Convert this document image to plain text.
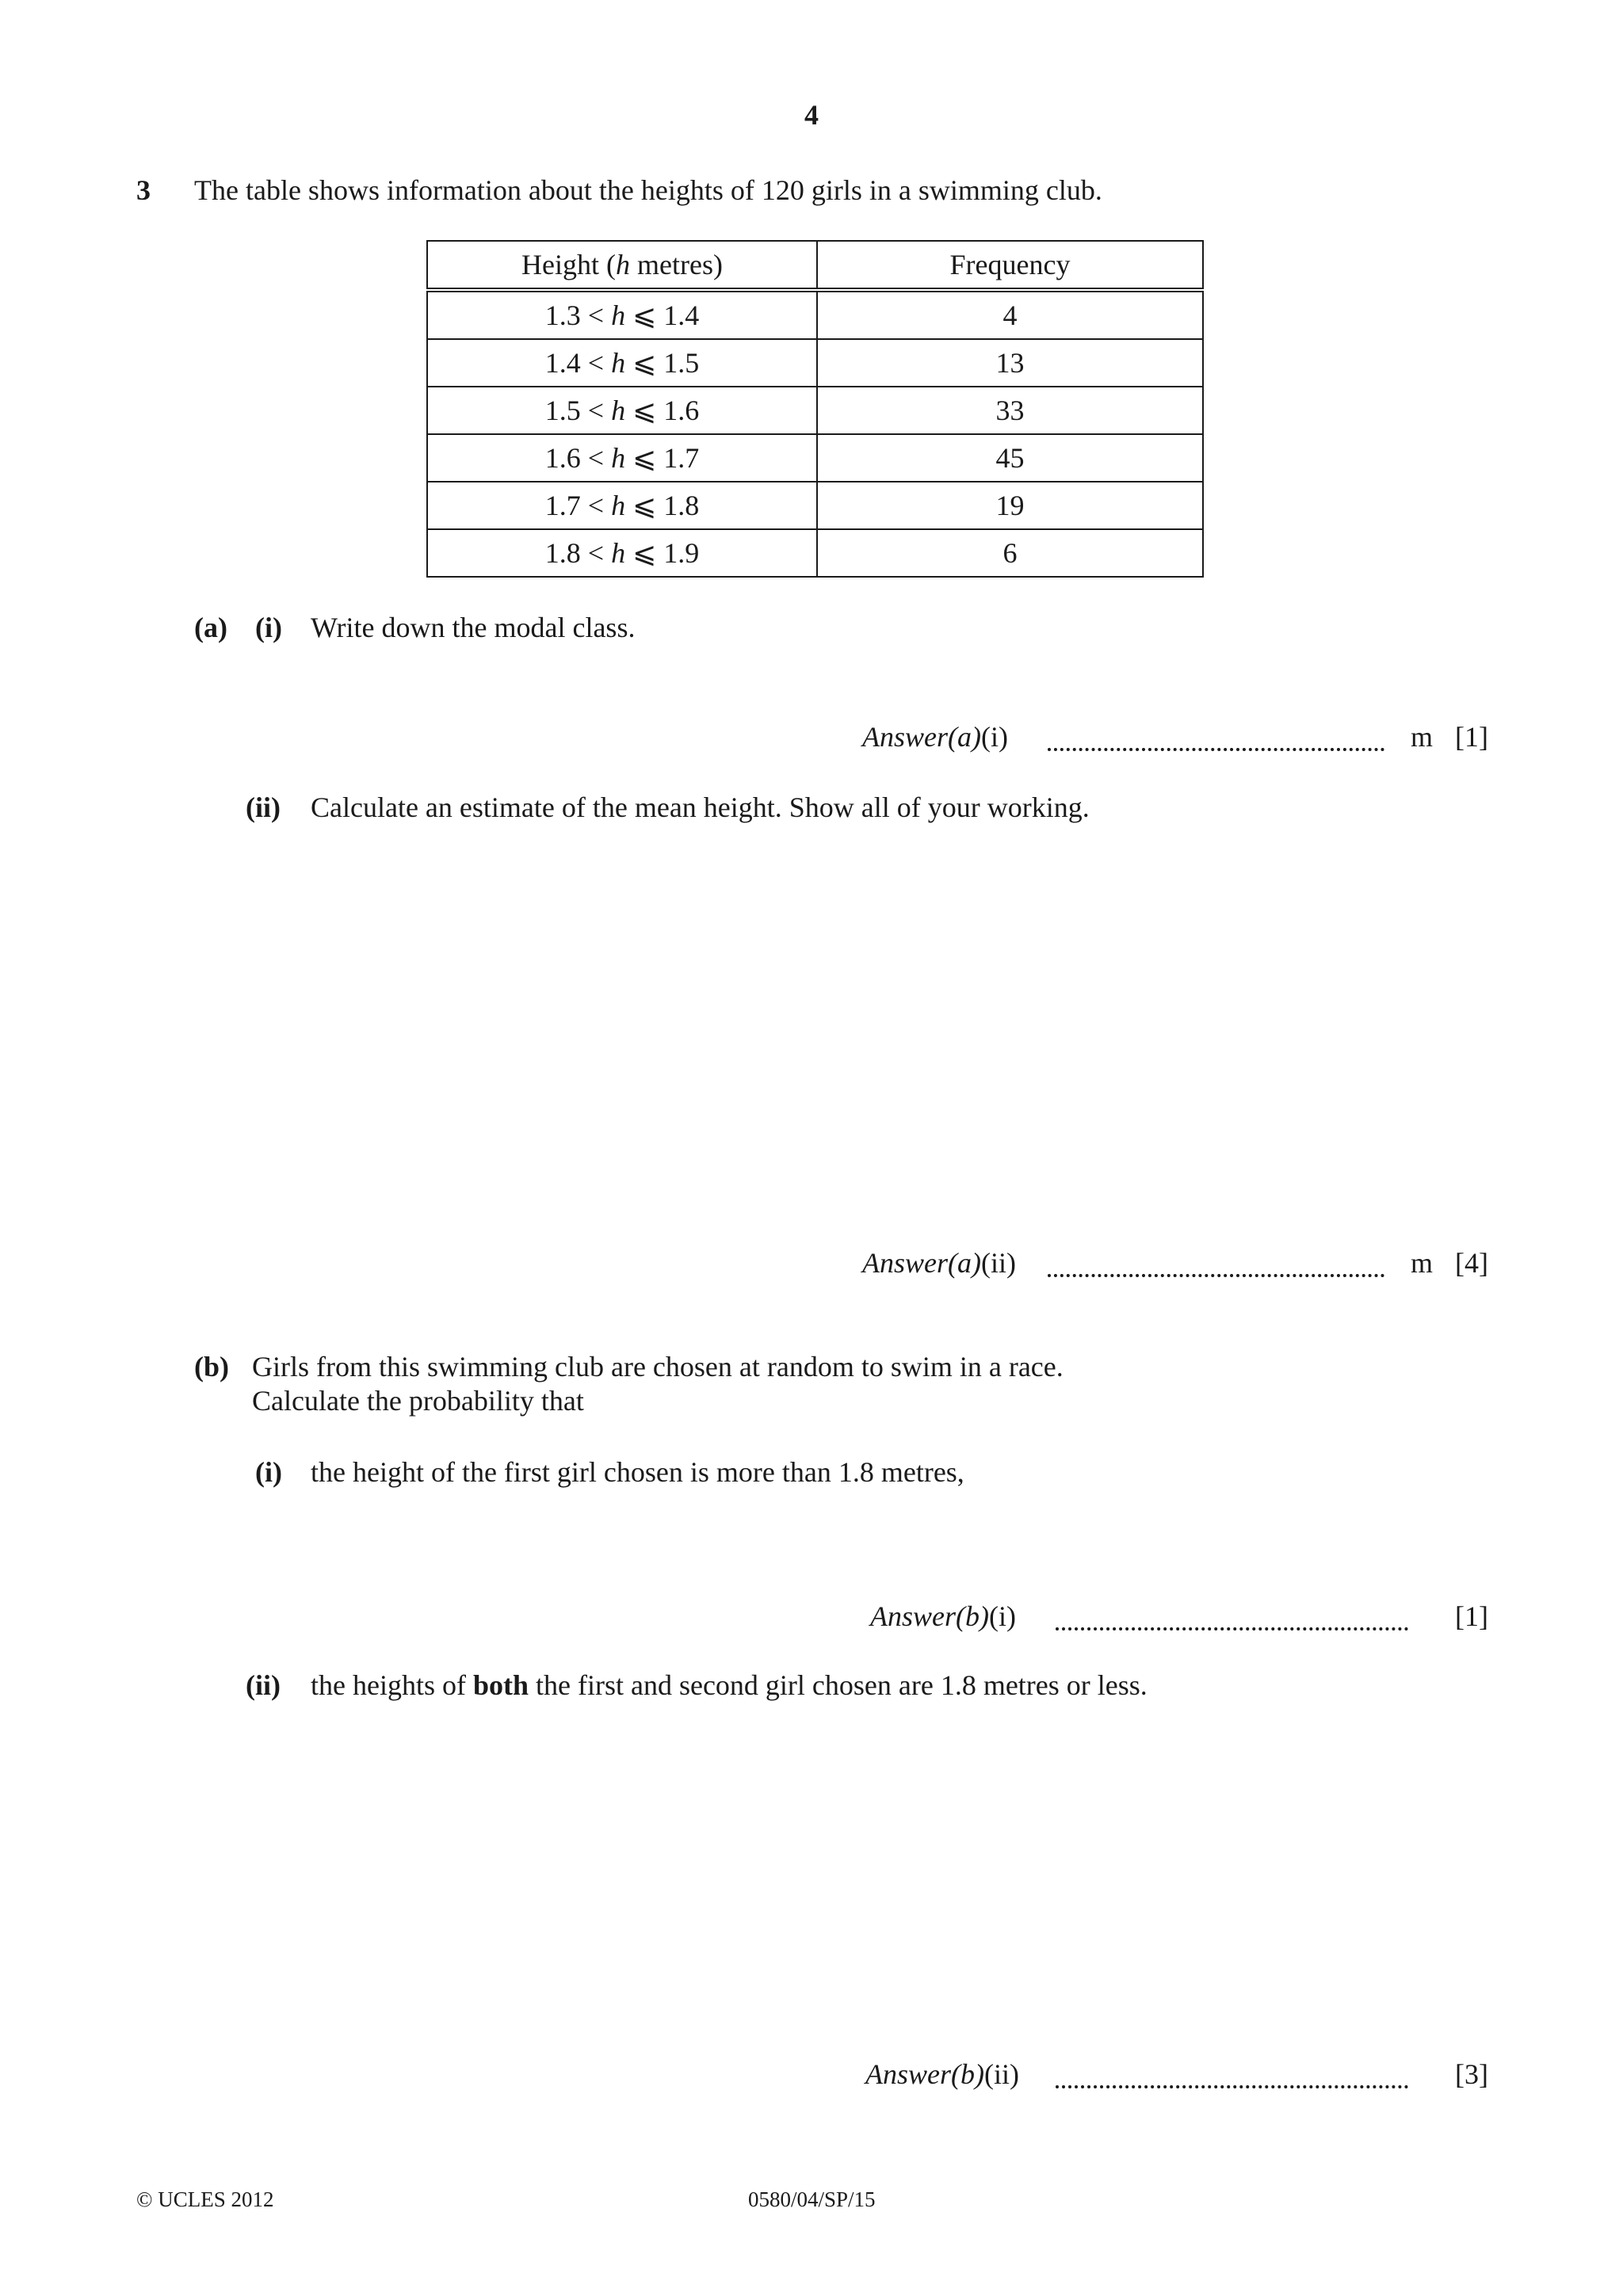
4
3 The table shows information about the heights of 120 girls in a swimming club.
Height (h metres)	Frequency
1.3 < h ⩽ 1.4	4
1.4 < h ⩽ 1.5	13
1.5 < h ⩽ 1.6	33
1.6 < h ⩽ 1.7	45
1.7 < h ⩽ 1.8	19
1.8 < h ⩽ 1.9	6
(a) (i) Write down the modal class.
Answer(a)(i)	m [1]
(ii) Calculate an estimate of the mean height. Show all of your working.
Answer(a)(ii)	m [4]
(b) Girls from this swimming club are chosen at random to swim in a race.
Calculate the probability that
(i) the height of the first girl chosen is more than 1.8 metres,
Answer(b)(i)	[1]
(ii) the heights of both the first and second girl chosen are 1.8 metres or less.
Answer(b)(ii)	[3]
© UCLES 2012	0580/04/SP/15
